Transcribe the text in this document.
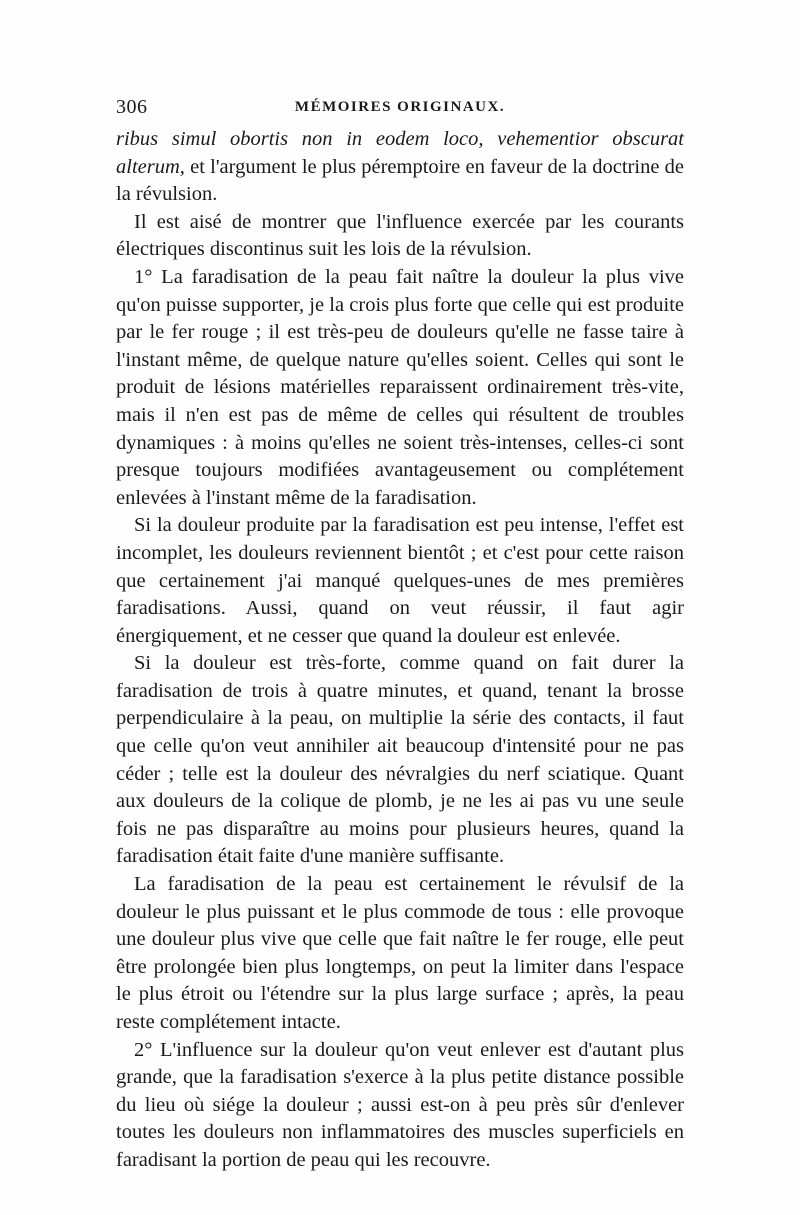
306	MÉMOIRES ORIGINAUX.

ribus simul obortis non in eodem loco, vehementior obscurat alterum, et l'argument le plus péremptoire en faveur de la doctrine de la révulsion.

Il est aisé de montrer que l'influence exercée par les courants électriques discontinus suit les lois de la révulsion.

1° La faradisation de la peau fait naître la douleur la plus vive qu'on puisse supporter, je la crois plus forte que celle qui est produite par le fer rouge ; il est très-peu de douleurs qu'elle ne fasse taire à l'instant même, de quelque nature qu'elles soient. Celles qui sont le produit de lésions matérielles reparaissent ordinairement très-vite, mais il n'en est pas de même de celles qui résultent de troubles dynamiques : à moins qu'elles ne soient très-intenses, celles-ci sont presque toujours modifiées avantageusement ou complétement enlevées à l'instant même de la faradisation.

Si la douleur produite par la faradisation est peu intense, l'effet est incomplet, les douleurs reviennent bientôt ; et c'est pour cette raison que certainement j'ai manqué quelques-unes de mes premières faradisations. Aussi, quand on veut réussir, il faut agir énergiquement, et ne cesser que quand la douleur est enlevée.

Si la douleur est très-forte, comme quand on fait durer la faradisation de trois à quatre minutes, et quand, tenant la brosse perpendiculaire à la peau, on multiplie la série des contacts, il faut que celle qu'on veut annihiler ait beaucoup d'intensité pour ne pas céder ; telle est la douleur des névralgies du nerf sciatique. Quant aux douleurs de la colique de plomb, je ne les ai pas vu une seule fois ne pas disparaître au moins pour plusieurs heures, quand la faradisation était faite d'une manière suffisante.

La faradisation de la peau est certainement le révulsif de la douleur le plus puissant et le plus commode de tous : elle provoque une douleur plus vive que celle que fait naître le fer rouge, elle peut être prolongée bien plus longtemps, on peut la limiter dans l'espace le plus étroit ou l'étendre sur la plus large surface ; après, la peau reste complétement intacte.

2° L'influence sur la douleur qu'on veut enlever est d'autant plus grande, que la faradisation s'exerce à la plus petite distance possible du lieu où siége la douleur ; aussi est-on à peu près sûr d'enlever toutes les douleurs non inflammatoires des muscles superficiels en faradisant la portion de peau qui les recouvre.
